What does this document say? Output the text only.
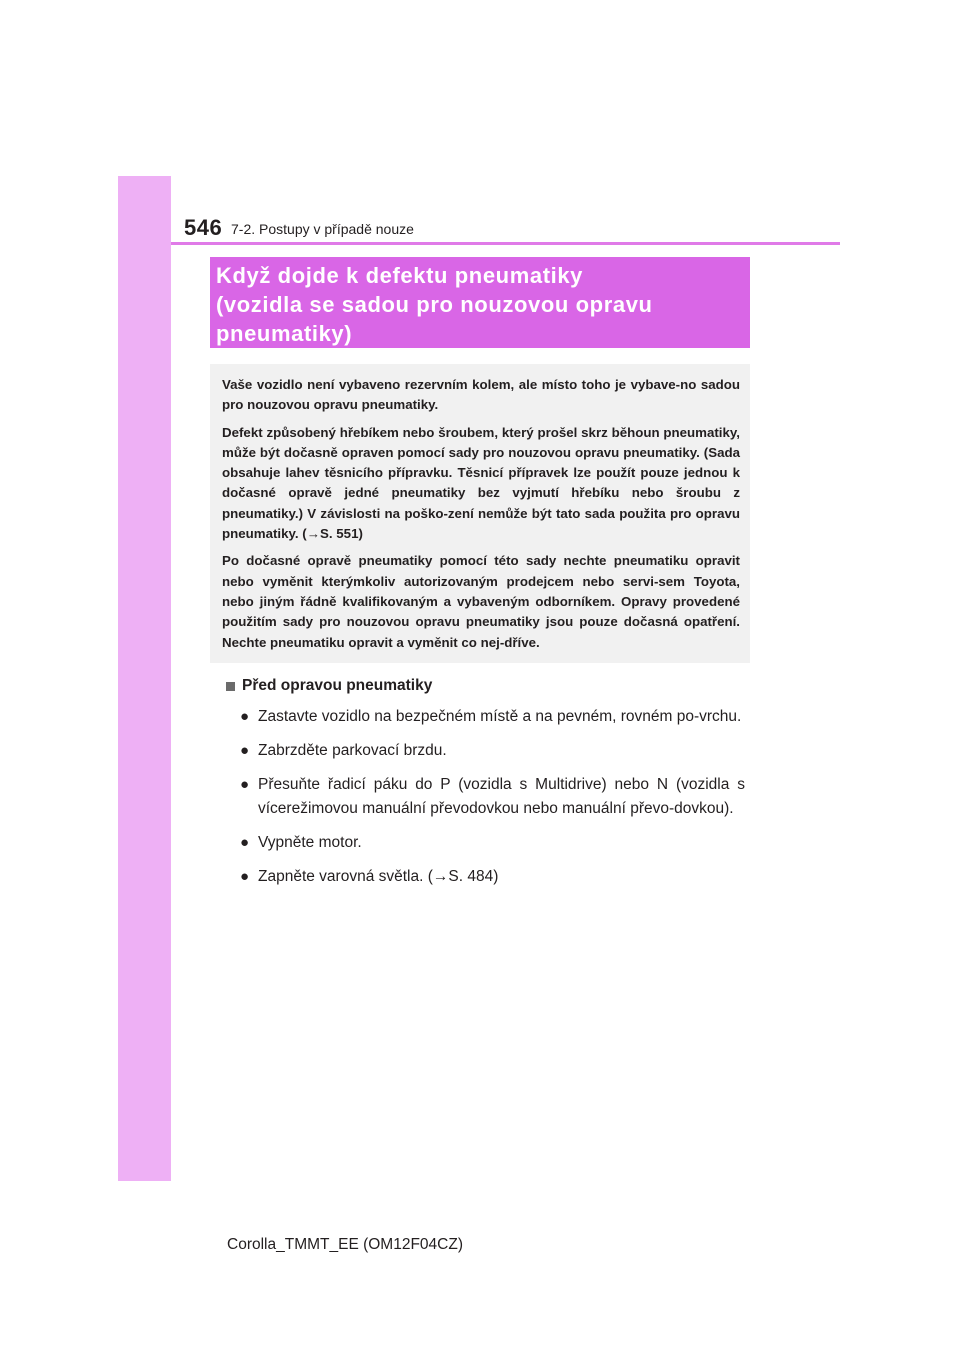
546 7-2. Postupy v případě nouze
Když dojde k defektu pneumatiky
(vozidla se sadou pro nouzovou opravu
pneumatiky)
Vaše vozidlo není vybaveno rezervním kolem, ale místo toho je vybave-no sadou pro nouzovou opravu pneumatiky.
Defekt způsobený hřebíkem nebo šroubem, který prošel skrz běhoun pneumatiky, může být dočasně opraven pomocí sady pro nouzovou opravu pneumatiky. (Sada obsahuje lahev těsnicího přípravku. Těsnicí přípravek lze použít pouze jednou k dočasné opravě jedné pneumatiky bez vyjmutí hřebíku nebo šroubu z pneumatiky.) V závislosti na poško-zení nemůže být tato sada použita pro opravu pneumatiky. (→S. 551)
Po dočasné opravě pneumatiky pomocí této sady nechte pneumatiku opravit nebo vyměnit kterýmkoliv autorizovaným prodejcem nebo servi-sem Toyota, nebo jiným řádně kvalifikovaným a vybaveným odborníkem. Opravy provedené použitím sady pro nouzovou opravu pneumatiky jsou pouze dočasná opatření. Nechte pneumatiku opravit a vyměnit co nej-dříve.
Před opravou pneumatiky
● Zastavte vozidlo na bezpečném místě a na pevném, rovném po-vrchu.
● Zabrzděte parkovací brzdu.
● Přesuňte řadicí páku do P (vozidla s Multidrive) nebo N (vozidla s vícerežimovou manuální převodovkou nebo manuální převo-dovkou).
● Vypněte motor.
● Zapněte varovná světla. (→S. 484)
Corolla_TMMT_EE (OM12F04CZ)
